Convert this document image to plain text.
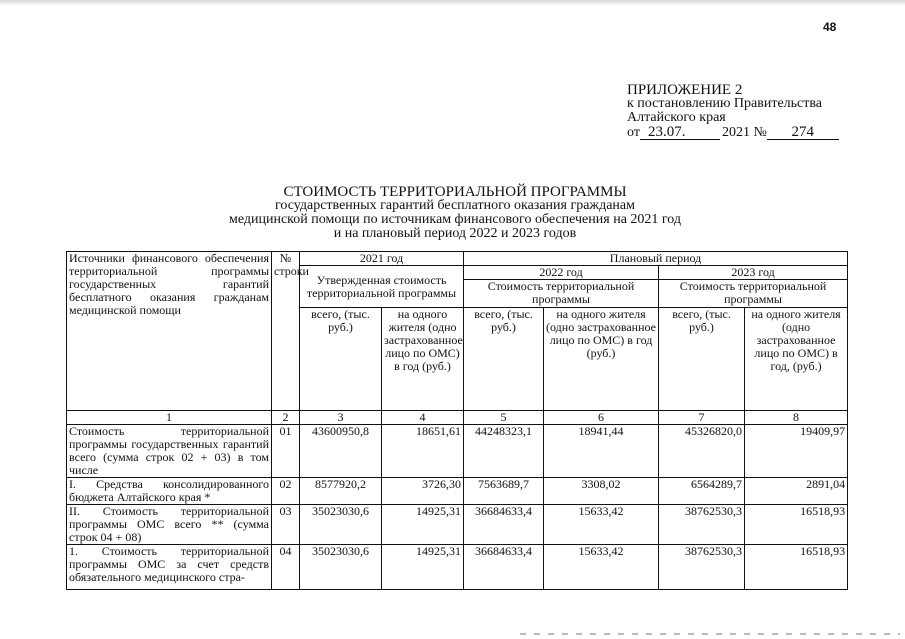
48
ПРИЛОЖЕНИЕ 2
к постановлению Правительства
Алтайского края
от 23.07.	2021 №	274
СТОИМОСТЬ ТЕРРИТОРИАЛЬНОЙ ПРОГРАММЫ
государственных гарантий бесплатного оказания гражданам
медицинской помощи по источникам финансового обеспечения на 2021 год
и на плановый период 2022 и 2023 годов
Источники финансового обеспечения территориальной программы государственных гарантий бесплатного оказания гражданам медицинской помощи	№ строки	2021 год		Плановый период			
		Утвержденная стоимость территориальной программы		2022 год		2023 год	
				Стоимость территориальной программы		Стоимость территориальной программы	
		всего, (тыс. руб.)	на одного жителя (одно застрахованное лицо по ОМС) в год (руб.)	всего, (тыс. руб.)	на одного жителя (одно застрахованное лицо по ОМС) в год (руб.)	всего, (тыс. руб.)	на одного жителя (одно застрахованное лицо по ОМС) в год, (руб.)
1	2	3	4	5	6	7	8
Стоимость территориальной программы государственных гарантий всего (сумма строк 02 + 03) в том числе	01	43600950,8	18651,61	44248323,1	18941,44	45326820,0	19409,97
I. Средства консолидированного бюджета Алтайского края *	02	8577920,2	3726,30	7563689,7	3308,02	6564289,7	2891,04
II. Стоимость территориальной программы ОМС всего ** (сумма строк 04 + 08)	03	35023030,6	14925,31	36684633,4	15633,42	38762530,3	16518,93
1. Стоимость территориальной программы ОМС за счет средств обязательного медицинского стра-	04	35023030,6	14925,31	36684633,4	15633,42	38762530,3	16518,93
